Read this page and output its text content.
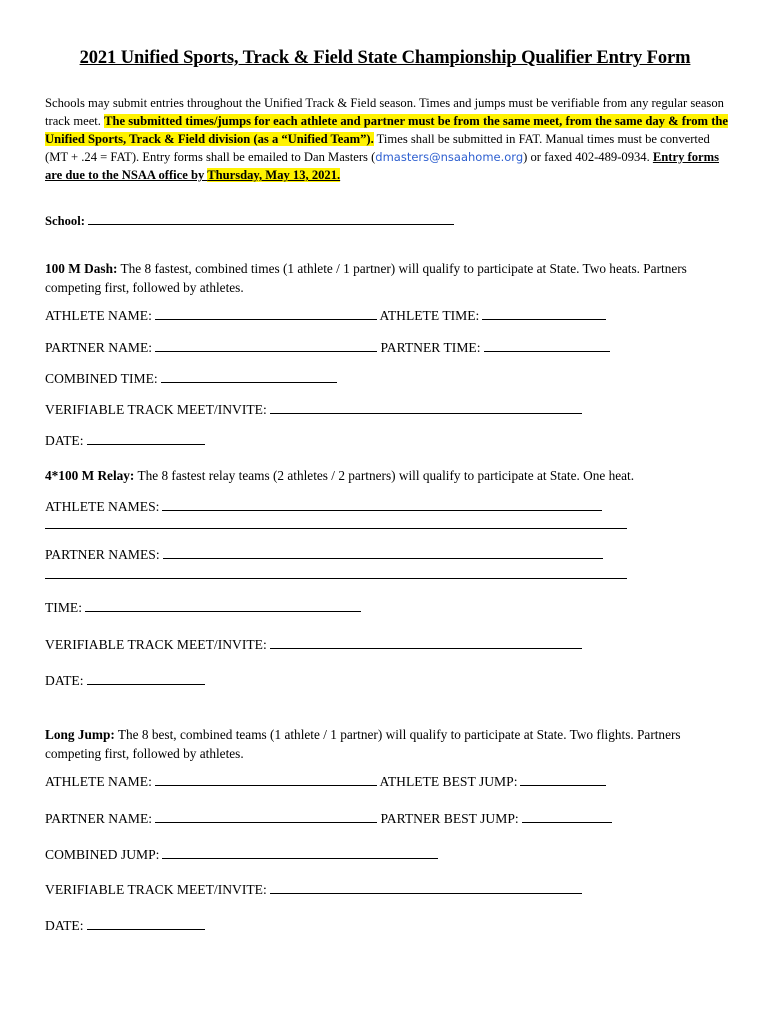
2021 Unified Sports, Track & Field State Championship Qualifier Entry Form
Schools may submit entries throughout the Unified Track & Field season. Times and jumps must be verifiable from any regular season track meet. The submitted times/jumps for each athlete and partner must be from the same meet, from the same day & from the Unified Sports, Track & Field division (as a “Unified Team”). Times shall be submitted in FAT. Manual times must be converted (MT + .24 = FAT). Entry forms shall be emailed to Dan Masters (dmasters@nsaahome.org) or faxed 402-489-0934. Entry forms are due to the NSAA office by Thursday, May 13, 2021.
School:
100 M Dash: The 8 fastest, combined times (1 athlete / 1 partner) will qualify to participate at State. Two heats. Partners competing first, followed by athletes.
ATHLETE NAME:	ATHLETE TIME:
PARTNER NAME:	PARTNER TIME:
COMBINED TIME:
VERIFIABLE TRACK MEET/INVITE:
DATE:
4*100 M Relay: The 8 fastest relay teams (2 athletes / 2 partners) will qualify to participate at State. One heat.
ATHLETE NAMES:
PARTNER NAMES:
TIME:
VERIFIABLE TRACK MEET/INVITE:
DATE:
Long Jump: The 8 best, combined teams (1 athlete / 1 partner) will qualify to participate at State. Two flights. Partners competing first, followed by athletes.
ATHLETE NAME:	ATHLETE BEST JUMP:
PARTNER NAME:	PARTNER BEST JUMP:
COMBINED JUMP:
VERIFIABLE TRACK MEET/INVITE:
DATE:
